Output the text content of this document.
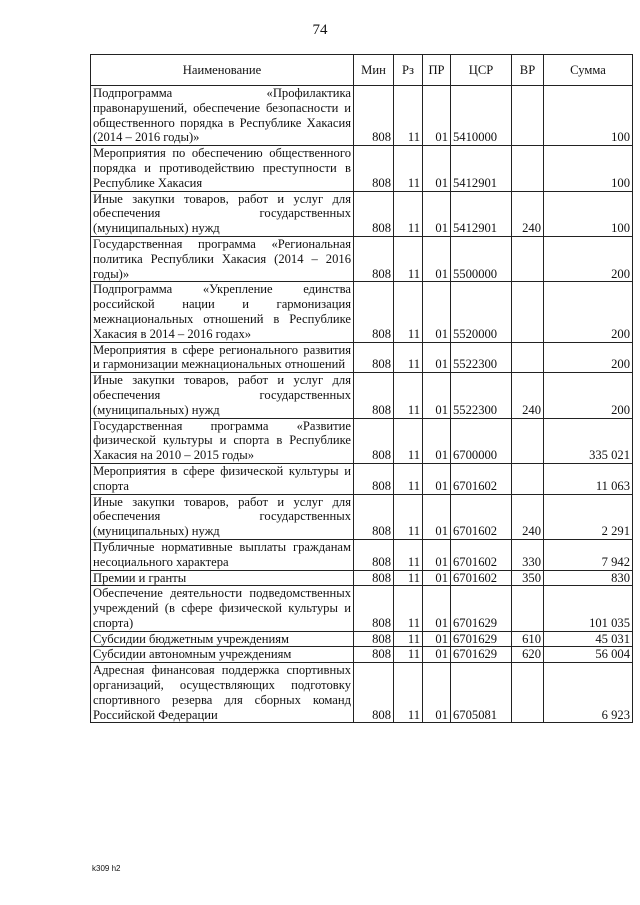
74
Наименование	Мин	Рз	ПР	ЦСР	ВР	Сумма
Подпрограмма «Профилактика правонарушений, обеспечение безопасности и общественного порядка в Республике Хакасия (2014 – 2016 годы)»	808	11	01	5410000		100
Мероприятия по обеспечению общественного порядка и противодействию преступности в Республике Хакасия	808	11	01	5412901		100
Иные закупки товаров, работ и услуг для обеспечения государственных (муниципальных) нужд	808	11	01	5412901	240	100
Государственная программа «Региональная политика Республики Хакасия (2014 – 2016 годы)»	808	11	01	5500000		200
Подпрограмма «Укрепление единства российской нации и гармонизация межнациональных отношений в Республике Хакасия в 2014 – 2016 годах»	808	11	01	5520000		200
Мероприятия в сфере регионального развития и гармонизации межнациональных отношений	808	11	01	5522300		200
Иные закупки товаров, работ и услуг для обеспечения государственных (муниципальных) нужд	808	11	01	5522300	240	200
Государственная программа «Развитие физической культуры и спорта в Республике Хакасия на 2010 – 2015 годы»	808	11	01	6700000		335 021
Мероприятия в сфере физической культуры и спорта	808	11	01	6701602		11 063
Иные закупки товаров, работ и услуг для обеспечения государственных (муниципальных) нужд	808	11	01	6701602	240	2 291
Публичные нормативные выплаты гражданам несоциального характера	808	11	01	6701602	330	7 942
Премии и гранты	808	11	01	6701602	350	830
Обеспечение деятельности подведомственных учреждений (в сфере физической культуры и спорта)	808	11	01	6701629		101 035
Субсидии бюджетным учреждениям	808	11	01	6701629	610	45 031
Субсидии автономным учреждениям	808	11	01	6701629	620	56 004
Адресная финансовая поддержка спортивных организаций, осуществляющих подготовку спортивного резерва для сборных команд Российской Федерации	808	11	01	6705081		6 923
k309 h2
